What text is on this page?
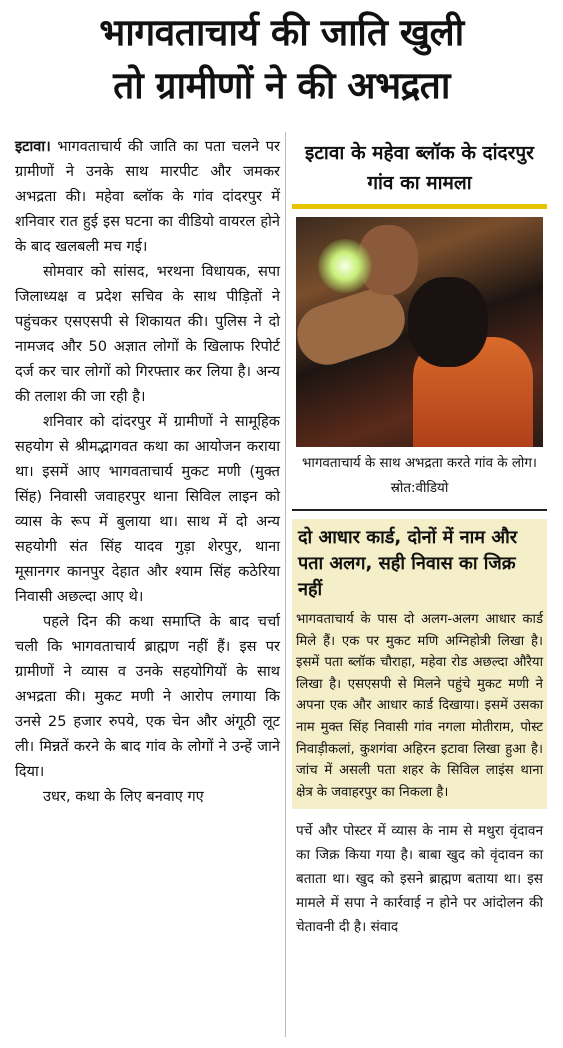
भागवताचार्य की जाति खुली
तो ग्रामीणों ने की अभद्रता

इटावा। भागवताचार्य की जाति का पता चलने पर ग्रामीणों ने उनके साथ मारपीट और जमकर अभद्रता की। महेवा ब्लॉक के गांव दांदरपुर में शनिवार रात हुई इस घटना का वीडियो वायरल होने के बाद खलबली मच गई।

सोमवार को सांसद, भरथना विधायक, सपा जिलाध्यक्ष व प्रदेश सचिव के साथ पीड़ितों ने पहुंचकर एसएसपी से शिकायत की। पुलिस ने दो नामजद और 50 अज्ञात लोगों के खिलाफ रिपोर्ट दर्ज कर चार लोगों को गिरफ्तार कर लिया है। अन्य की तलाश की जा रही है।

शनिवार को दांदरपुर में ग्रामीणों ने सामूहिक सहयोग से श्रीमद्भागवत कथा का आयोजन कराया था। इसमें आए भागवताचार्य मुकट मणी (मुक्त सिंह) निवासी जवाहरपुर थाना सिविल लाइन को व्यास के रूप में बुलाया था। साथ में दो अन्य सहयोगी संत सिंह यादव गुड़ा शेरपुर, थाना मूसानगर कानपुर देहात और श्याम सिंह कठेरिया निवासी अछल्दा आए थे।

पहले दिन की कथा समाप्ति के बाद चर्चा चली कि भागवताचार्य ब्राह्मण नहीं हैं। इस पर ग्रामीणों ने व्यास व उनके सहयोगियों के साथ अभद्रता की। मुकट मणी ने आरोप लगाया कि उनसे 25 हजार रुपये, एक चेन और अंगूठी लूट ली। मिन्नतें करने के बाद गांव के लोगों ने उन्हें जाने दिया।

उधर, कथा के लिए बनवाए गए

इटावा के महेवा ब्लॉक के दांदरपुर गांव का मामला
भागवताचार्य के साथ अभद्रता करते गांव के लोग। स्रोत:वीडियो
दो आधार कार्ड, दोनों में नाम और पता अलग, सही निवास का जिक्र नहीं

भागवताचार्य के पास दो अलग-अलग आधार कार्ड मिले हैं। एक पर मुकट मणि अग्निहोत्री लिखा है। इसमें पता ब्लॉक चौराहा, महेवा रोड अछल्दा औरैया लिखा है। एसएसपी से मिलने पहुंचे मुकट मणी ने अपना एक और आधार कार्ड दिखाया। इसमें उसका नाम मुक्त सिंह निवासी गांव नगला मोतीराम, पोस्ट निवाड़ीकलां, कुशगंवा अहिरन इटावा लिखा हुआ है। जांच में असली पता शहर के सिविल लाइंस थाना क्षेत्र के जवाहरपुर का निकला है।

पर्चे और पोस्टर में व्यास के नाम से मथुरा वृंदावन का जिक्र किया गया है। बाबा खुद को वृंदावन का बताता था। खुद को इसने ब्राह्मण बताया था। इस मामले में सपा ने कार्रवाई न होने पर आंदोलन की चेतावनी दी है। संवाद
